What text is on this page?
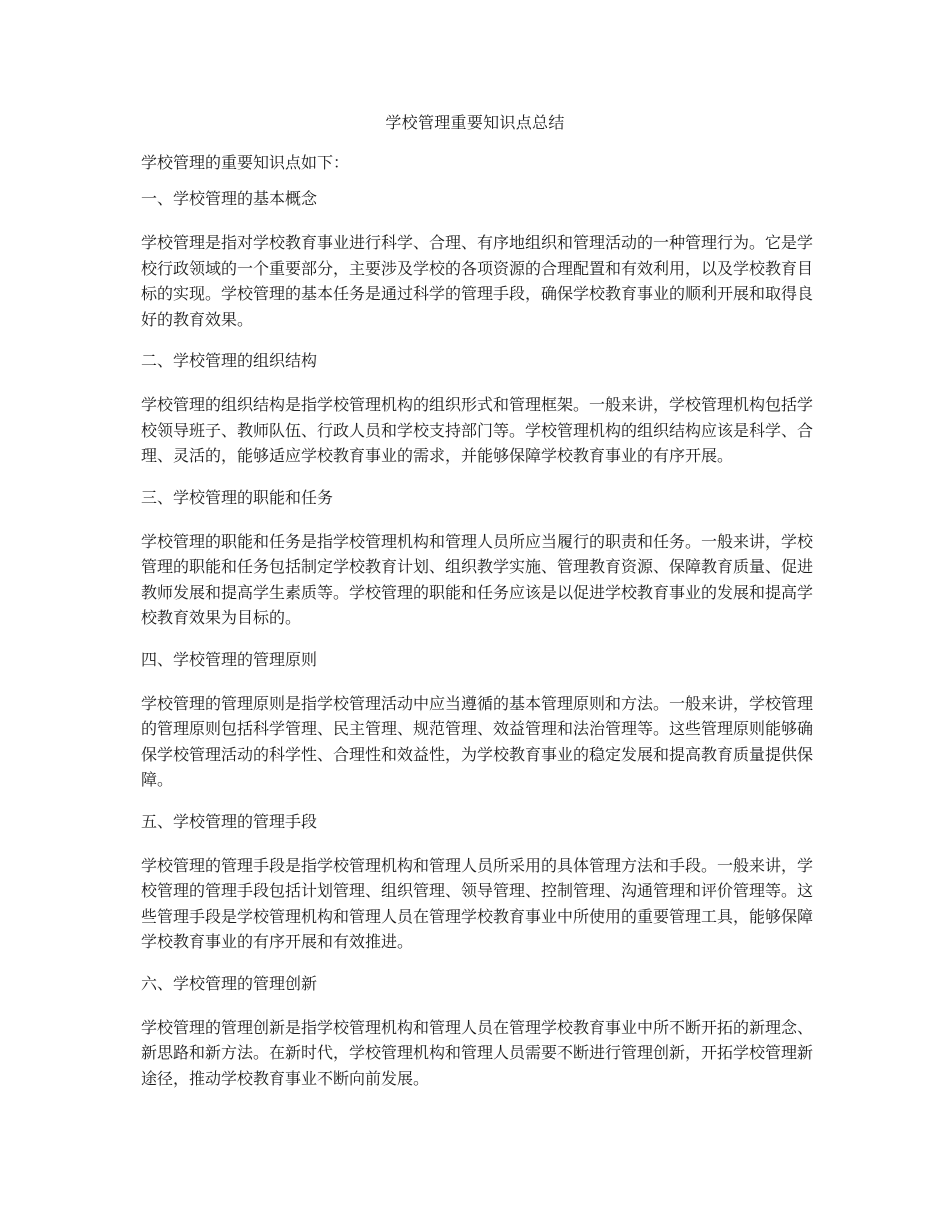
学校管理重要知识点总结

学校管理的重要知识点如下：

一、学校管理的基本概念

学校管理是指对学校教育事业进行科学、合理、有序地组织和管理活动的一种管理行为。它是学校行政领域的一个重要部分，主要涉及学校的各项资源的合理配置和有效利用，以及学校教育目标的实现。学校管理的基本任务是通过科学的管理手段，确保学校教育事业的顺利开展和取得良好的教育效果。

二、学校管理的组织结构

学校管理的组织结构是指学校管理机构的组织形式和管理框架。一般来讲，学校管理机构包括学校领导班子、教师队伍、行政人员和学校支持部门等。学校管理机构的组织结构应该是科学、合理、灵活的，能够适应学校教育事业的需求，并能够保障学校教育事业的有序开展。

三、学校管理的职能和任务

学校管理的职能和任务是指学校管理机构和管理人员所应当履行的职责和任务。一般来讲，学校管理的职能和任务包括制定学校教育计划、组织教学实施、管理教育资源、保障教育质量、促进教师发展和提高学生素质等。学校管理的职能和任务应该是以促进学校教育事业的发展和提高学校教育效果为目标的。

四、学校管理的管理原则

学校管理的管理原则是指学校管理活动中应当遵循的基本管理原则和方法。一般来讲，学校管理的管理原则包括科学管理、民主管理、规范管理、效益管理和法治管理等。这些管理原则能够确保学校管理活动的科学性、合理性和效益性，为学校教育事业的稳定发展和提高教育质量提供保障。

五、学校管理的管理手段

学校管理的管理手段是指学校管理机构和管理人员所采用的具体管理方法和手段。一般来讲，学校管理的管理手段包括计划管理、组织管理、领导管理、控制管理、沟通管理和评价管理等。这些管理手段是学校管理机构和管理人员在管理学校教育事业中所使用的重要管理工具，能够保障学校教育事业的有序开展和有效推进。

六、学校管理的管理创新

学校管理的管理创新是指学校管理机构和管理人员在管理学校教育事业中所不断开拓的新理念、新思路和新方法。在新时代，学校管理机构和管理人员需要不断进行管理创新，开拓学校管理新途径，推动学校教育事业不断向前发展。
